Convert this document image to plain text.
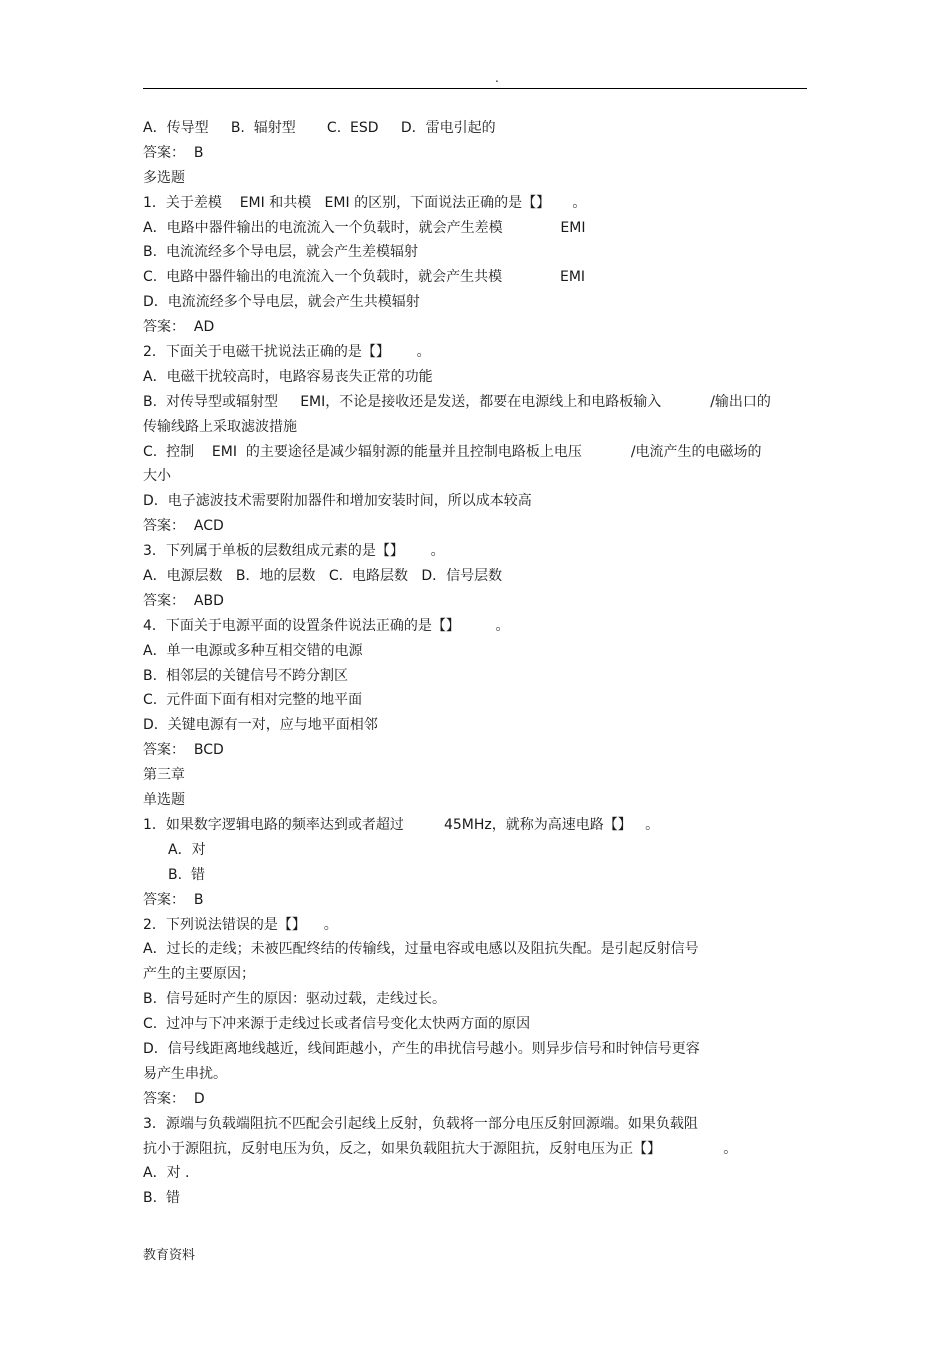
.
A．传导型     B.  辐射型       C.  ESD     D．雷电引起的
答案：  B
多选题
1．关于差模    EMI 和共模   EMI 的区别，下面说法正确的是【】     。
A．电路中器件输出的电流流入一个负载时，就会产生差模             EMI
B.  电流流经多个导电层，就会产生差模辐射
C.  电路中器件输出的电流流入一个负载时，就会产生共模             EMI
D．电流流经多个导电层，就会产生共模辐射
答案：  AD
2．下面关于电磁干扰说法正确的是【】      。
A．电磁干扰较高时，电路容易丧失正常的功能
B.  对传导型或辐射型     EMI，不论是接收还是发送，都要在电源线上和电路板输入           /输出口的
传输线路上采取滤波措施
C.  控制    EMI  的主要途径是减少辐射源的能量并且控制电路板上电压           /电流产生的电磁场的
大小
D．电子滤波技术需要附加器件和增加安装时间，所以成本较高
答案：  ACD
3．下列属于单板的层数组成元素的是【】      。
A．电源层数   B．地的层数   C.  电路层数   D．信号层数
答案：  ABD
4．下面关于电源平面的设置条件说法正确的是【】        。
A．单一电源或多种互相交错的电源
B.  相邻层的关键信号不跨分割区
C.  元件面下面有相对完整的地平面
D．关键电源有一对，应与地平面相邻
答案：  BCD
第三章
单选题
1．如果数字逻辑电路的频率达到或者超过         45MHz，就称为高速电路【】   。
A．对
B.  错
答案：  B
2．下列说法错误的是【】    。
A．过长的走线；未被匹配终结的传输线，过量电容或电感以及阻抗失配。是引起反射信号
产生的主要原因；
B.  信号延时产生的原因：驱动过载，走线过长。
C.  过冲与下冲来源于走线过长或者信号变化太快两方面的原因
D．信号线距离地线越近，线间距越小，产生的串扰信号越小。则异步信号和时钟信号更容
易产生串扰。
答案：  D
3．源端与负载端阻抗不匹配会引起线上反射，负载将一部分电压反射回源端。如果负载阻
抗小于源阻抗，反射电压为负，反之，如果负载阻抗大于源阻抗，反射电压为正【】              。
A．对 .
B.  错
教育资料
